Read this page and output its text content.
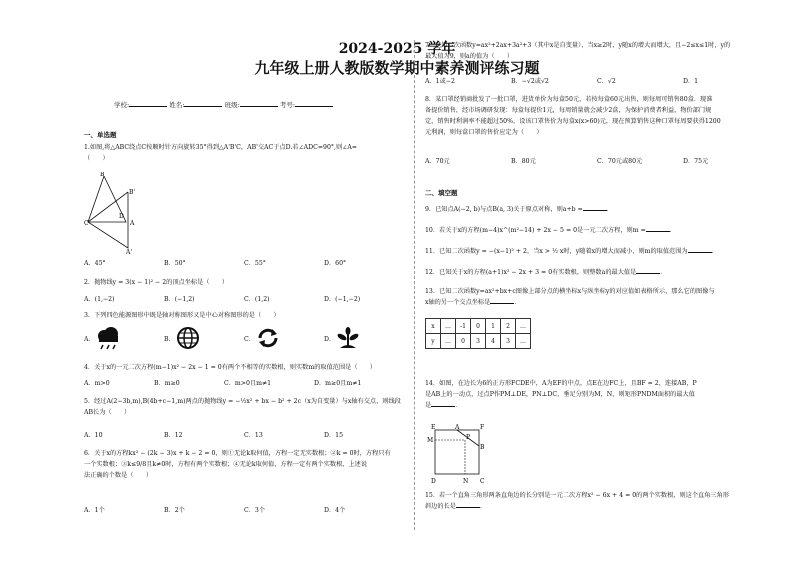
2024-2025 学年
九年级上册人教版数学期中素养测评练习题
学校:	姓名:	班级:	考号:
一、单选题
1.如图,将△ABC绕点C按顺时针方向旋转35°得到△A'B'C，AB'交AC于点D.若∠ADC=90°,则∠A=
（　　）
B
B'
D
A
C
A'
A．45°	B．50°	C．55°	D．60°
2．抛物线y = 3(x − 1)² − 2的顶点坐标是（　　）
A．(1,−2)	B．(−1,2)	C．(1,2)	D．(−1,−2)
3．下列四色能源图形中既是轴对称图形又是中心对称图形的是（　　）
A．	B．	C．	D．
4．关于x的一元二次方程(m−1)x² − 2x − 1 = 0有两个不相等的实数根，则实数m的取值范围是（　　）
A．m>0	B．m≥0	C．m>0且m≠1	D．m≥0且m≠1
5．经过A(2−3b,m),B(4b+c−1,m)两点的抛物线y = −½x² + bx − b² + 2c（x为自变量）与x轴有交点，则线段
AB长为（　　）
A．10	B．12	C．13	D．15
6．关于x的方程kx² − (2k − 3)x + k − 2 = 0，则①无论k取何值，方程一定无实数根；②k = 0时，方程只有
一个实数根；③k≤9/8且k≠0时，方程有两个实数根；④无论k取何值，方程一定有两个实数根，上述说
法正确的个数是（　　）
A．1个	B．2个	C．3个	D．4个
7．已知二次函数y=ax²+2ax+3a²+3（其中x是自变量），当x≥2时，y随x的增大而增大，且−2≤x≤1时，y的
最大值为9，则a的值为（　　）
A．1或−2	B．−√2或√2	C．√2	D．1
8．某口罩经销商批发了一批口罩，进货单价为每盒50元，若按每盒60元出售，则每周可销售80盒．现准
备提价销售，经市场调研发现：每盒每提价1元，每周销量就会减少2盒，为保护消费者利益，物价部门规
定，销售时利润率不能超过50%，设该口罩售价为每盒x(x>60)元，现在预算销售这种口罩每周要获得1200
元利润，则每盒口罩的售价应定为（　　）
A．70元	B．80元	C．70元或80元	D．75元
二、填空题
9．已知点A(−2, b)与点B(a, 3)关于原点对称，则a+b =	．
10．若关于x的方程(m−4)x^(m²−14) + 2x − 5 = 0是一元二次方程，则m =	．
11．已知二次函数y = −(x−1)² + 2，当x > ½ x时，y随着x的增大而减小，则m的取值范围为	．
12．已知关于x的方程(a+1)x² − 2x + 3 = 0有实数根，则整数a的最大值是	．
13．已知二次函数y=ax²+bx+c图像上部分点的横坐标x与纵坐标y的对应值如表格所示，那么它的图像与
x轴的另一个交点坐标是	．
x	…	-1	0	1	2	…
y	…	0	3	4	3	…
14．如图，在边长为6的正方形FCDE中，A为EF的中点，点E在边FC上，且BF = 2，连接AB，P
是AB上的一动点，过点P作PM⊥DE，PN⊥DC，垂足分别为M，N，则矩形PNDM面积的最大值
是	．
E	A	F
M	P
B
D	N C
15．若一个直角三角形两条直角边的长分别是一元二次方程x² − 6x + 4 = 0的两个实数根，则这个直角三角形
斜边的长是	．
